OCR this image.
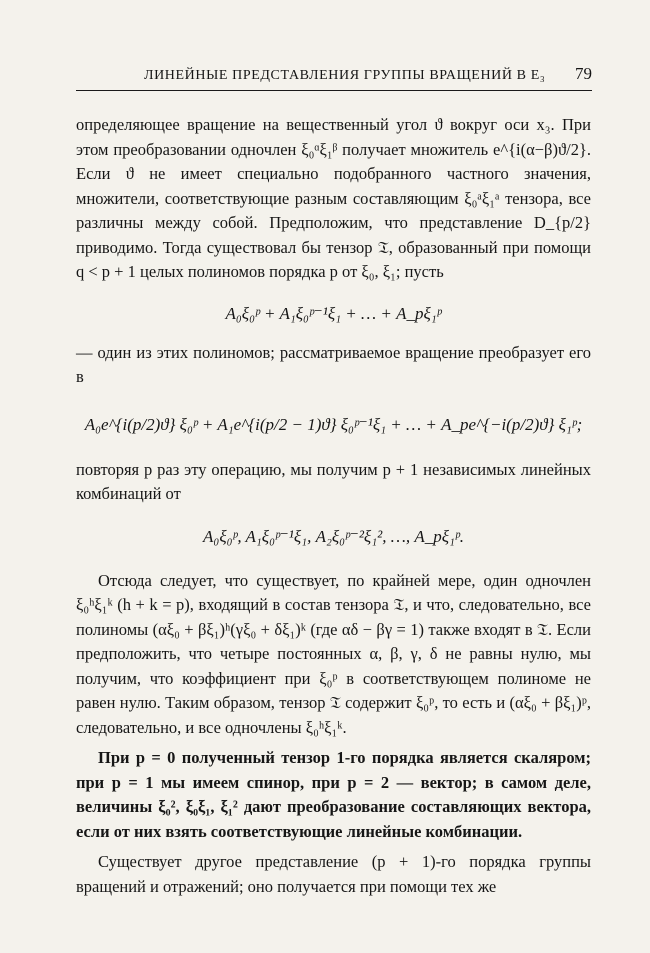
ЛИНЕЙНЫЕ ПРЕДСТАВЛЕНИЯ ГРУППЫ ВРАЩЕНИЙ В E₃ 79

определяющее вращение на вещественный угол ϑ вокруг оси x₃. При этом преобразовании одночлен ξ₀ᵅξ₁ᵝ получает множитель e^{i(α−β)ϑ/2}. Если ϑ не имеет специально подобранного частного значения, множители, соответствующие разным составляющим ξ₀ᵃξ₁ᵃ тензора, все различны между собой. Предположим, что представление D_{p/2} приводимо. Тогда существовал бы тензор 𝔗, образованный при помощи q < p + 1 целых полиномов порядка p от ξ₀, ξ₁; пусть

A₀ξ₀ᵖ + A₁ξ₀ᵖ⁻¹ξ₁ + … + A_pξ₁ᵖ

— один из этих полиномов; рассматриваемое вращение преобразует его в

A₀e^{i(p/2)ϑ} ξ₀ᵖ + A₁e^{i(p/2 − 1)ϑ} ξ₀ᵖ⁻¹ξ₁ + … + A_pe^{−i(p/2)ϑ} ξ₁ᵖ;

повторяя p раз эту операцию, мы получим p + 1 независимых линейных комбинаций от

A₀ξ₀ᵖ, A₁ξ₀ᵖ⁻¹ξ₁, A₂ξ₀ᵖ⁻²ξ₁², …, A_pξ₁ᵖ.

Отсюда следует, что существует, по крайней мере, один одночлен ξ₀ʰξ₁ᵏ (h + k = p), входящий в состав тензора 𝔗, и что, следовательно, все полиномы (αξ₀ + βξ₁)ʰ(γξ₀ + δξ₁)ᵏ (где αδ − βγ = 1) также входят в 𝔗. Если предположить, что четыре постоянных α, β, γ, δ не равны нулю, мы получим, что коэффициент при ξ₀ᵖ в соответствующем полиноме не равен нулю. Таким образом, тензор 𝔗 содержит ξ₀ᵖ, то есть и (αξ₀ + βξ₁)ᵖ, следовательно, и все одночлены ξ₀ʰξ₁ᵏ.

При p = 0 полученный тензор 1-го порядка является скаляром; при p = 1 мы имеем спинор, при p = 2 — вектор; в самом деле, величины ξ₀², ξ₀ξ₁, ξ₁² дают преобразование составляющих вектора, если от них взять соответствующие линейные комбинации.

Существует другое представление (p + 1)-го порядка группы вращений и отражений; оно получается при помощи тех же
